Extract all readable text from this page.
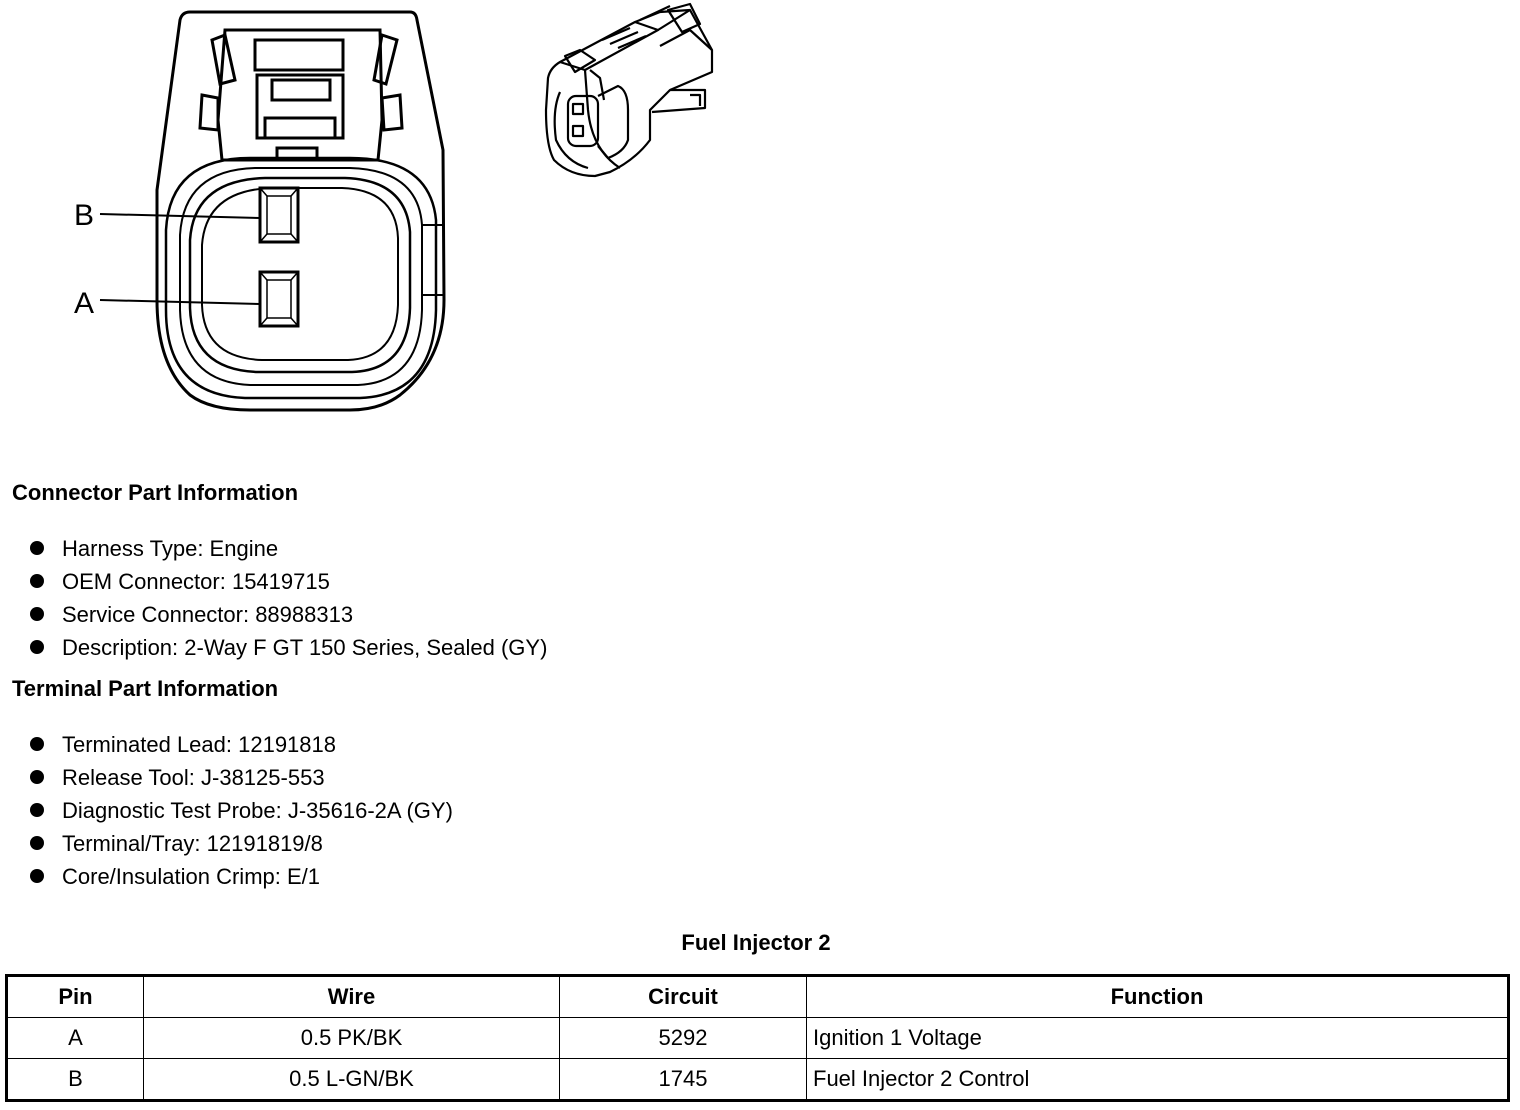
B
A
Connector Part Information
Harness Type: Engine
OEM Connector: 15419715
Service Connector: 88988313
Description: 2-Way F GT 150 Series, Sealed (GY)
Terminal Part Information
Terminated Lead: 12191818
Release Tool: J-38125-553
Diagnostic Test Probe: J-35616-2A (GY)
Terminal/Tray: 12191819/8
Core/Insulation Crimp: E/1
Fuel Injector 2
Pin	Wire	Circuit	Function
A	0.5 PK/BK	5292	Ignition 1 Voltage
B	0.5 L-GN/BK	1745	Fuel Injector 2 Control
